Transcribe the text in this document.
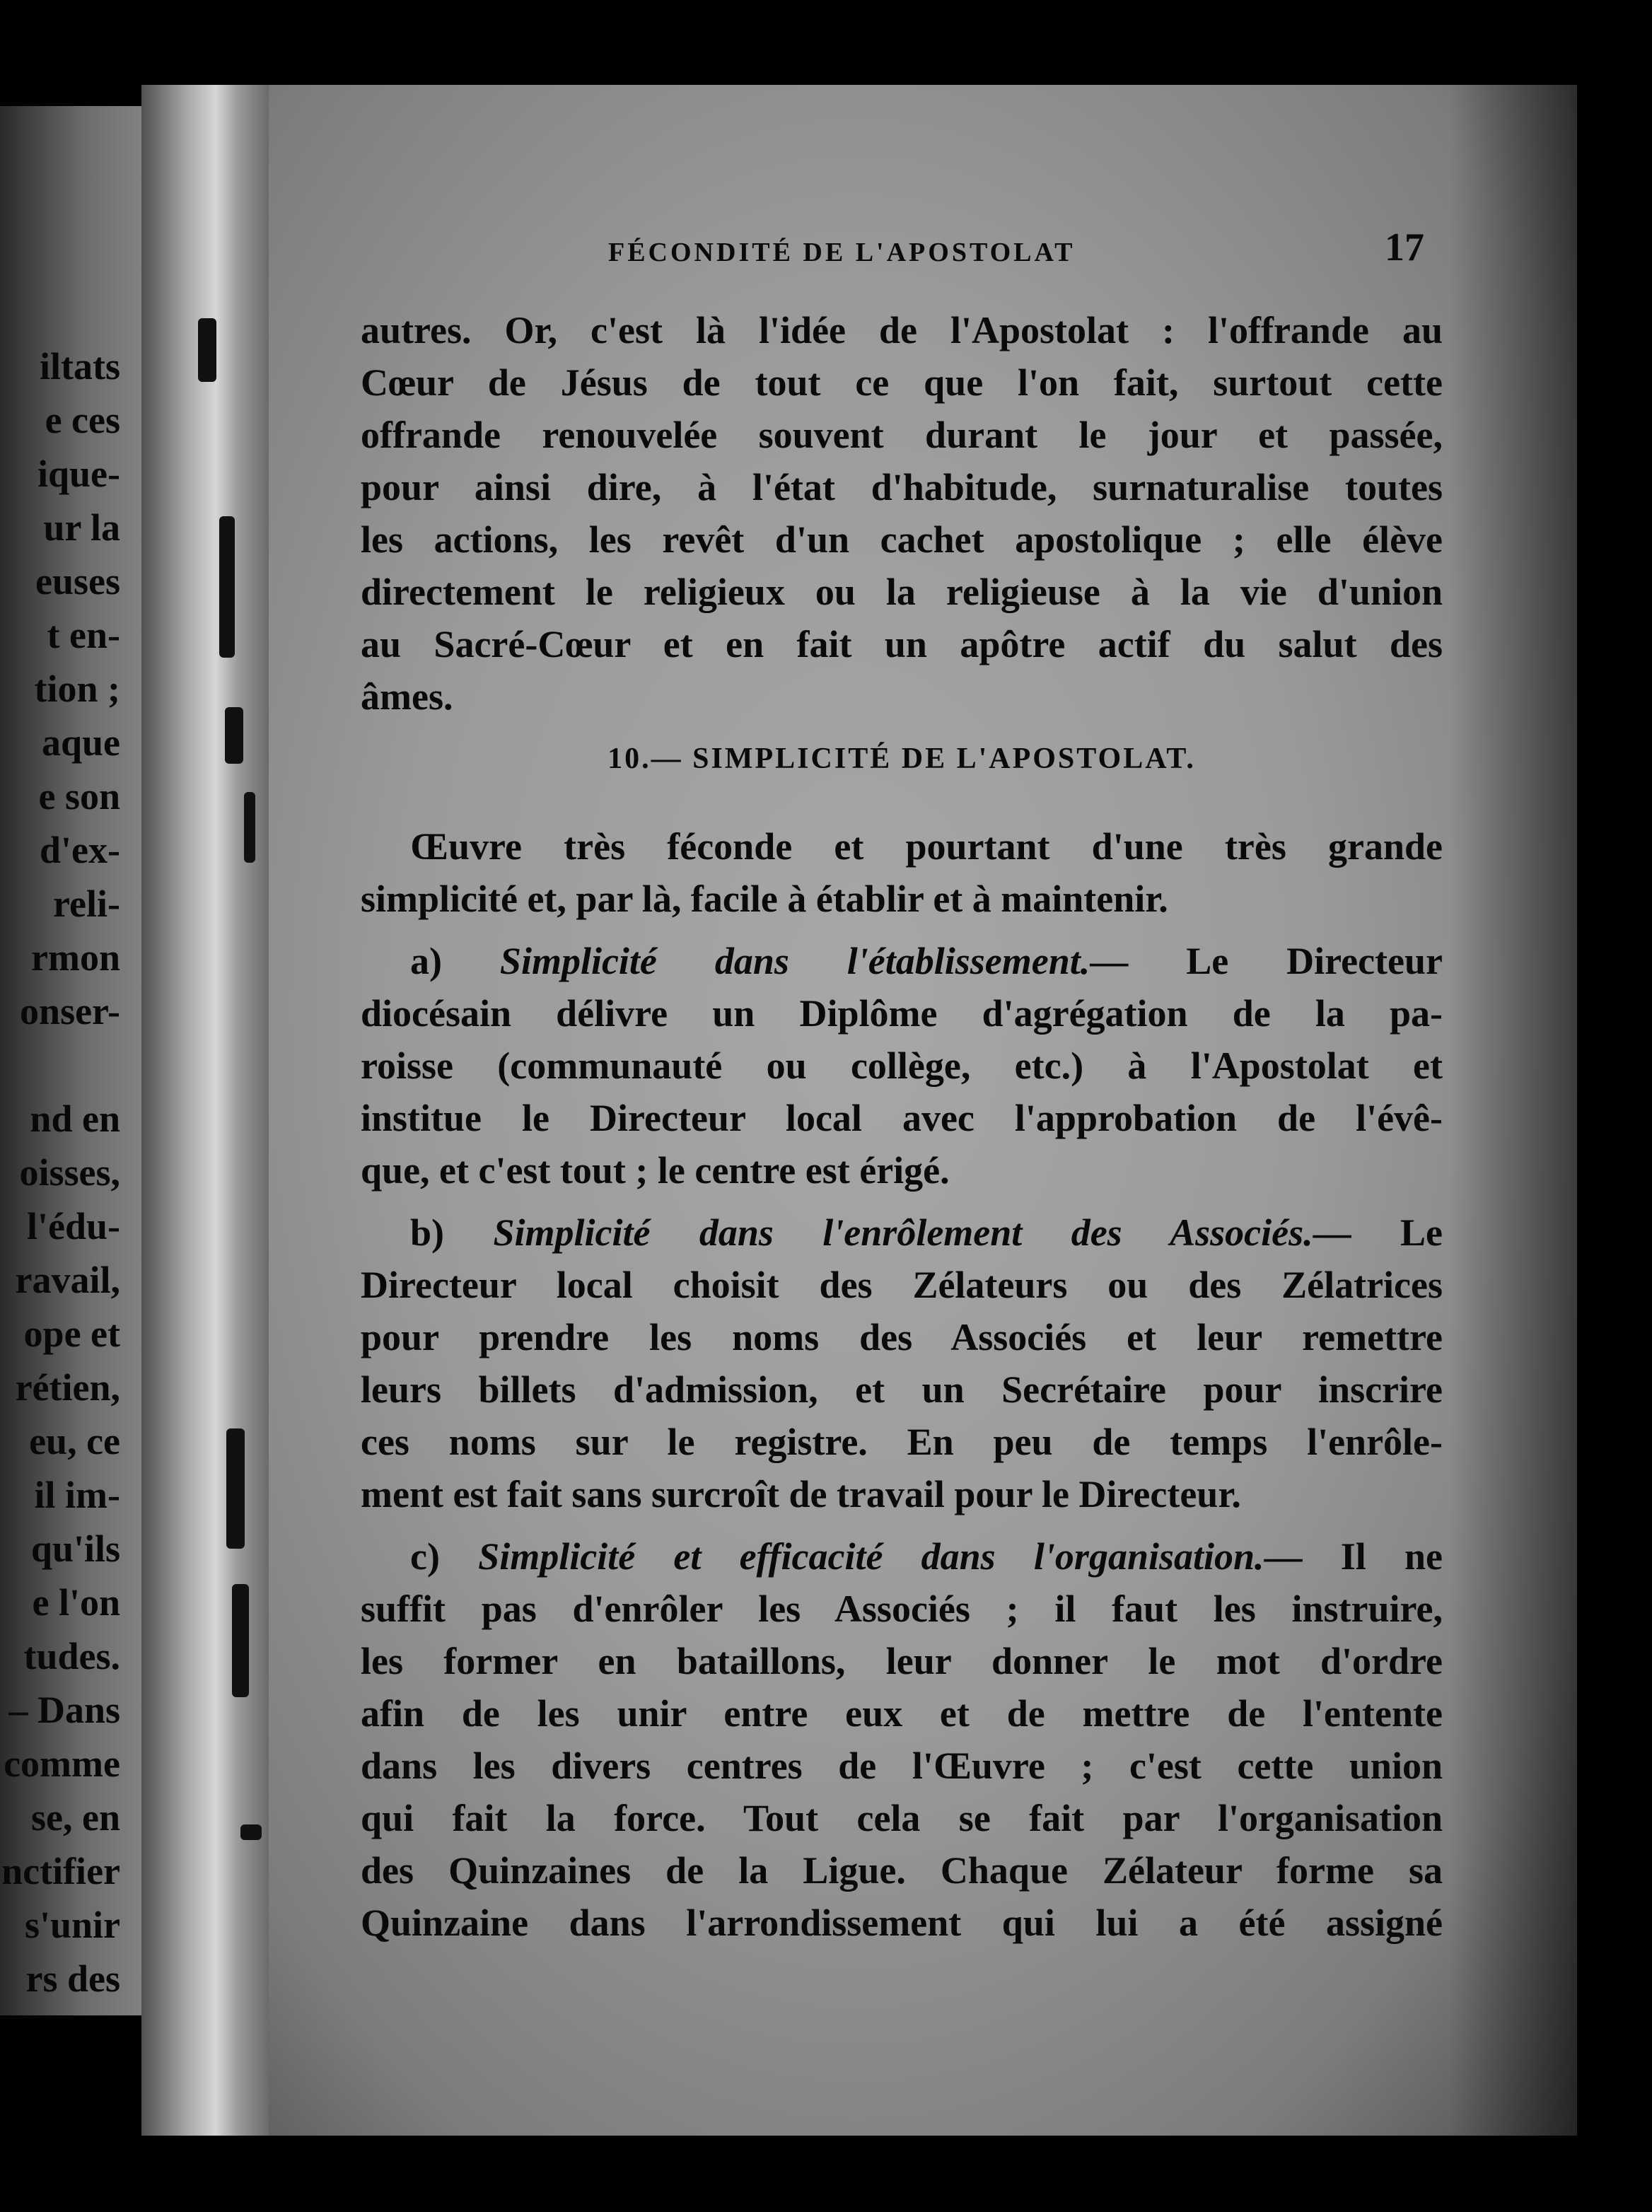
iltats
e ces
ique-
ur la
euses
t en-
tion ;
aque
e son
d'ex-
reli-
rmon
onser-
nd en
oisses,
l'édu-
ravail,
ope et
rétien,
eu, ce
il im-
qu'ils
e l'on
tudes.
– Dans
comme
se, en
nctifier
s'unir
rs des
FÉCONDITÉ DE L'APOSTOLAT	17

autres. Or, c'est là l'idée de l'Apostolat : l'offrande au
Cœur de Jésus de tout ce que l'on fait, surtout cette
offrande renouvelée souvent durant le jour et passée,
pour ainsi dire, à l'état d'habitude, surnaturalise toutes
les actions, les revêt d'un cachet apostolique ; elle élève
directement le religieux ou la religieuse à la vie d'union
au Sacré-Cœur et en fait un apôtre actif du salut des
âmes.

10.— SIMPLICITÉ DE L'APOSTOLAT.

Œuvre très féconde et pourtant d'une très grande
simplicité et, par là, facile à établir et à maintenir.

a) Simplicité dans l'établissement.— Le Directeur
diocésain délivre un Diplôme d'agrégation de la pa-
roisse (communauté ou collège, etc.) à l'Apostolat et
institue le Directeur local avec l'approbation de l'évê-
que, et c'est tout ; le centre est érigé.

b) Simplicité dans l'enrôlement des Associés.— Le
Directeur local choisit des Zélateurs ou des Zélatrices
pour prendre les noms des Associés et leur remettre
leurs billets d'admission, et un Secrétaire pour inscrire
ces noms sur le registre. En peu de temps l'enrôle-
ment est fait sans surcroît de travail pour le Directeur.

c) Simplicité et efficacité dans l'organisation.— Il ne
suffit pas d'enrôler les Associés ; il faut les instruire,
les former en bataillons, leur donner le mot d'ordre
afin de les unir entre eux et de mettre de l'entente
dans les divers centres de l'Œuvre ; c'est cette union
qui fait la force. Tout cela se fait par l'organisation
des Quinzaines de la Ligue. Chaque Zélateur forme sa
Quinzaine dans l'arrondissement qui lui a été assigné
